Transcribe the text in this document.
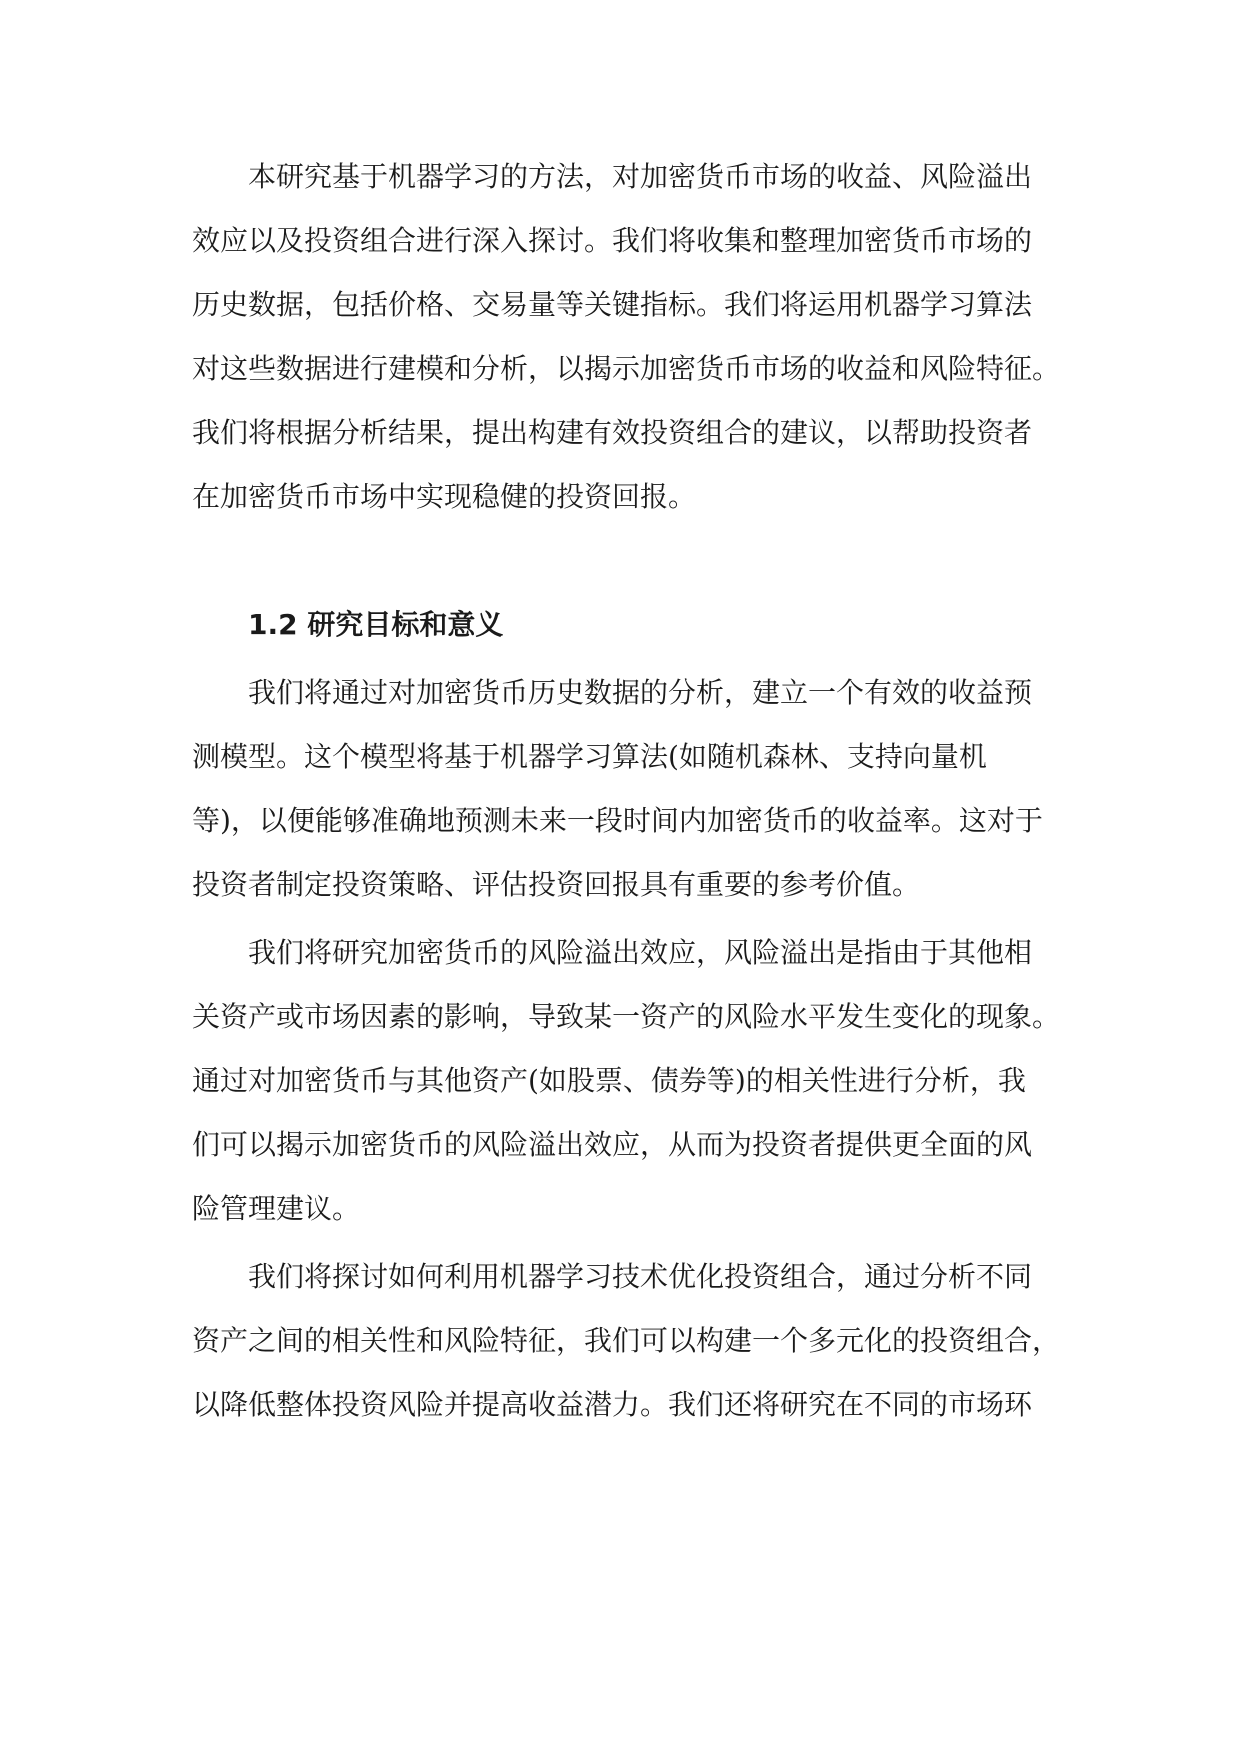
本研究基于机器学习的方法，对加密货币市场的收益、风险溢出
效应以及投资组合进行深入探讨。我们将收集和整理加密货币市场的
历史数据，包括价格、交易量等关键指标。我们将运用机器学习算法
对这些数据进行建模和分析，以揭示加密货币市场的收益和风险特征。
我们将根据分析结果，提出构建有效投资组合的建议，以帮助投资者
在加密货币市场中实现稳健的投资回报。
1.2 研究目标和意义
我们将通过对加密货币历史数据的分析，建立一个有效的收益预
测模型。这个模型将基于机器学习算法(如随机森林、支持向量机
等)，以便能够准确地预测未来一段时间内加密货币的收益率。这对于
投资者制定投资策略、评估投资回报具有重要的参考价值。
我们将研究加密货币的风险溢出效应，风险溢出是指由于其他相
关资产或市场因素的影响，导致某一资产的风险水平发生变化的现象。
通过对加密货币与其他资产(如股票、债券等)的相关性进行分析，我
们可以揭示加密货币的风险溢出效应，从而为投资者提供更全面的风
险管理建议。
我们将探讨如何利用机器学习技术优化投资组合，通过分析不同
资产之间的相关性和风险特征，我们可以构建一个多元化的投资组合，
以降低整体投资风险并提高收益潜力。我们还将研究在不同的市场环
